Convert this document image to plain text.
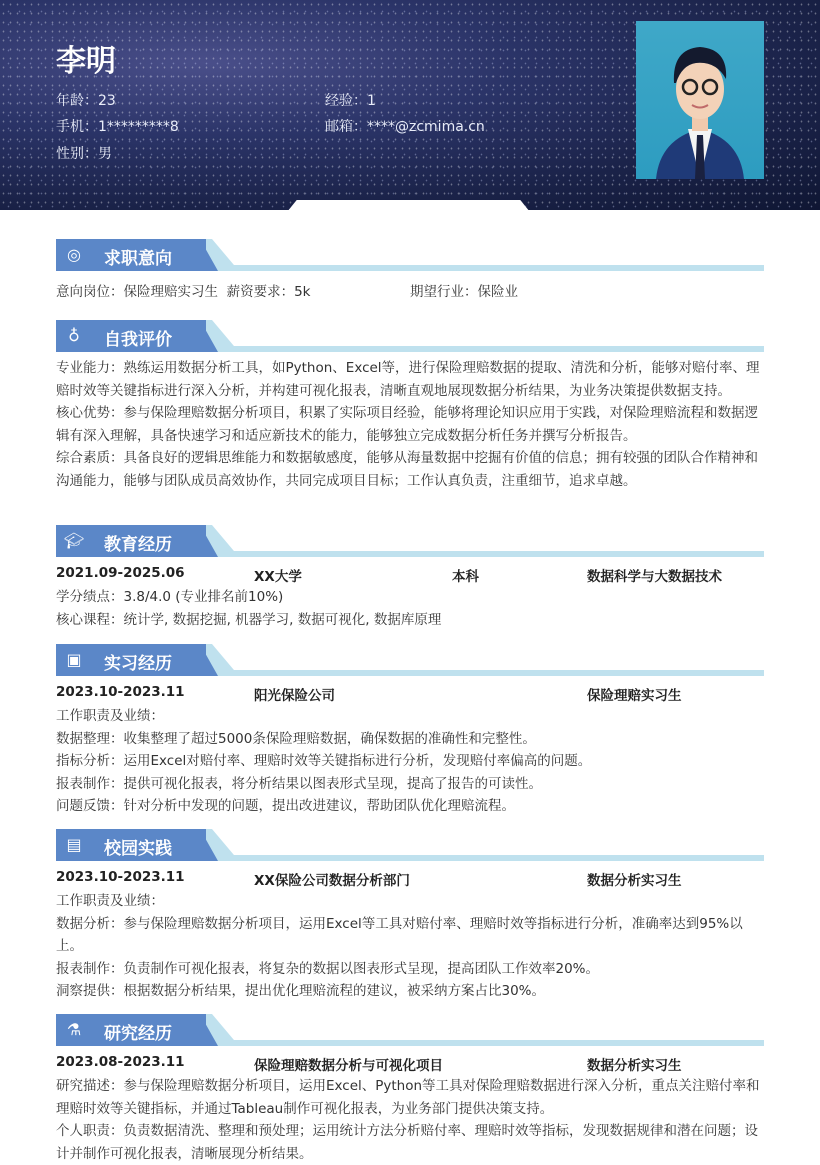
李明
年龄：23	经验：1
手机：1*********8	邮箱：****@zcmima.cn
性别：男
◎ 求职意向
意向岗位：保险理赔实习生 薪资要求：5k	期望行业：保险业
♁ 自我评价
专业能力：熟练运用数据分析工具，如Python、Excel等，进行保险理赔数据的提取、清洗和分析，能够对赔付率、理赔时效等关键指标进行深入分析，并构建可视化报表，清晰直观地展现数据分析结果，为业务决策提供数据支持。
核心优势：参与保险理赔数据分析项目，积累了实际项目经验，能够将理论知识应用于实践，对保险理赔流程和数据逻辑有深入理解，具备快速学习和适应新技术的能力，能够独立完成数据分析任务并撰写分析报告。
综合素质：具备良好的逻辑思维能力和数据敏感度，能够从海量数据中挖掘有价值的信息；拥有较强的团队合作精神和沟通能力，能够与团队成员高效协作，共同完成项目目标；工作认真负责，注重细节，追求卓越。
🎓︎ 教育经历
2021.09-2025.06	XX大学	本科	数据科学与大数据技术
学分绩点：3.8/4.0 (专业排名前10%)
核心课程：统计学, 数据挖掘, 机器学习, 数据可视化, 数据库原理
▣ 实习经历
2023.10-2023.11	阳光保险公司	保险理赔实习生
工作职责及业绩：
数据整理：收集整理了超过5000条保险理赔数据，确保数据的准确性和完整性。
指标分析：运用Excel对赔付率、理赔时效等关键指标进行分析，发现赔付率偏高的问题。
报表制作：提供可视化报表，将分析结果以图表形式呈现，提高了报告的可读性。
问题反馈：针对分析中发现的问题，提出改进建议，帮助团队优化理赔流程。
▤ 校园实践
2023.10-2023.11	XX保险公司数据分析部门	数据分析实习生
工作职责及业绩：
数据分析：参与保险理赔数据分析项目，运用Excel等工具对赔付率、理赔时效等指标进行分析，准确率达到95%以上。
报表制作：负责制作可视化报表，将复杂的数据以图表形式呈现，提高团队工作效率20%。
洞察提供：根据数据分析结果，提出优化理赔流程的建议，被采纳方案占比30%。
⚗ 研究经历
2023.08-2023.11	保险理赔数据分析与可视化项目	数据分析实习生
研究描述：参与保险理赔数据分析项目，运用Excel、Python等工具对保险理赔数据进行深入分析，重点关注赔付率和理赔时效等关键指标，并通过Tableau制作可视化报表，为业务部门提供决策支持。
个人职责：负责数据清洗、整理和预处理；运用统计方法分析赔付率、理赔时效等指标，发现数据规律和潜在问题；设计并制作可视化报表，清晰展现分析结果。
